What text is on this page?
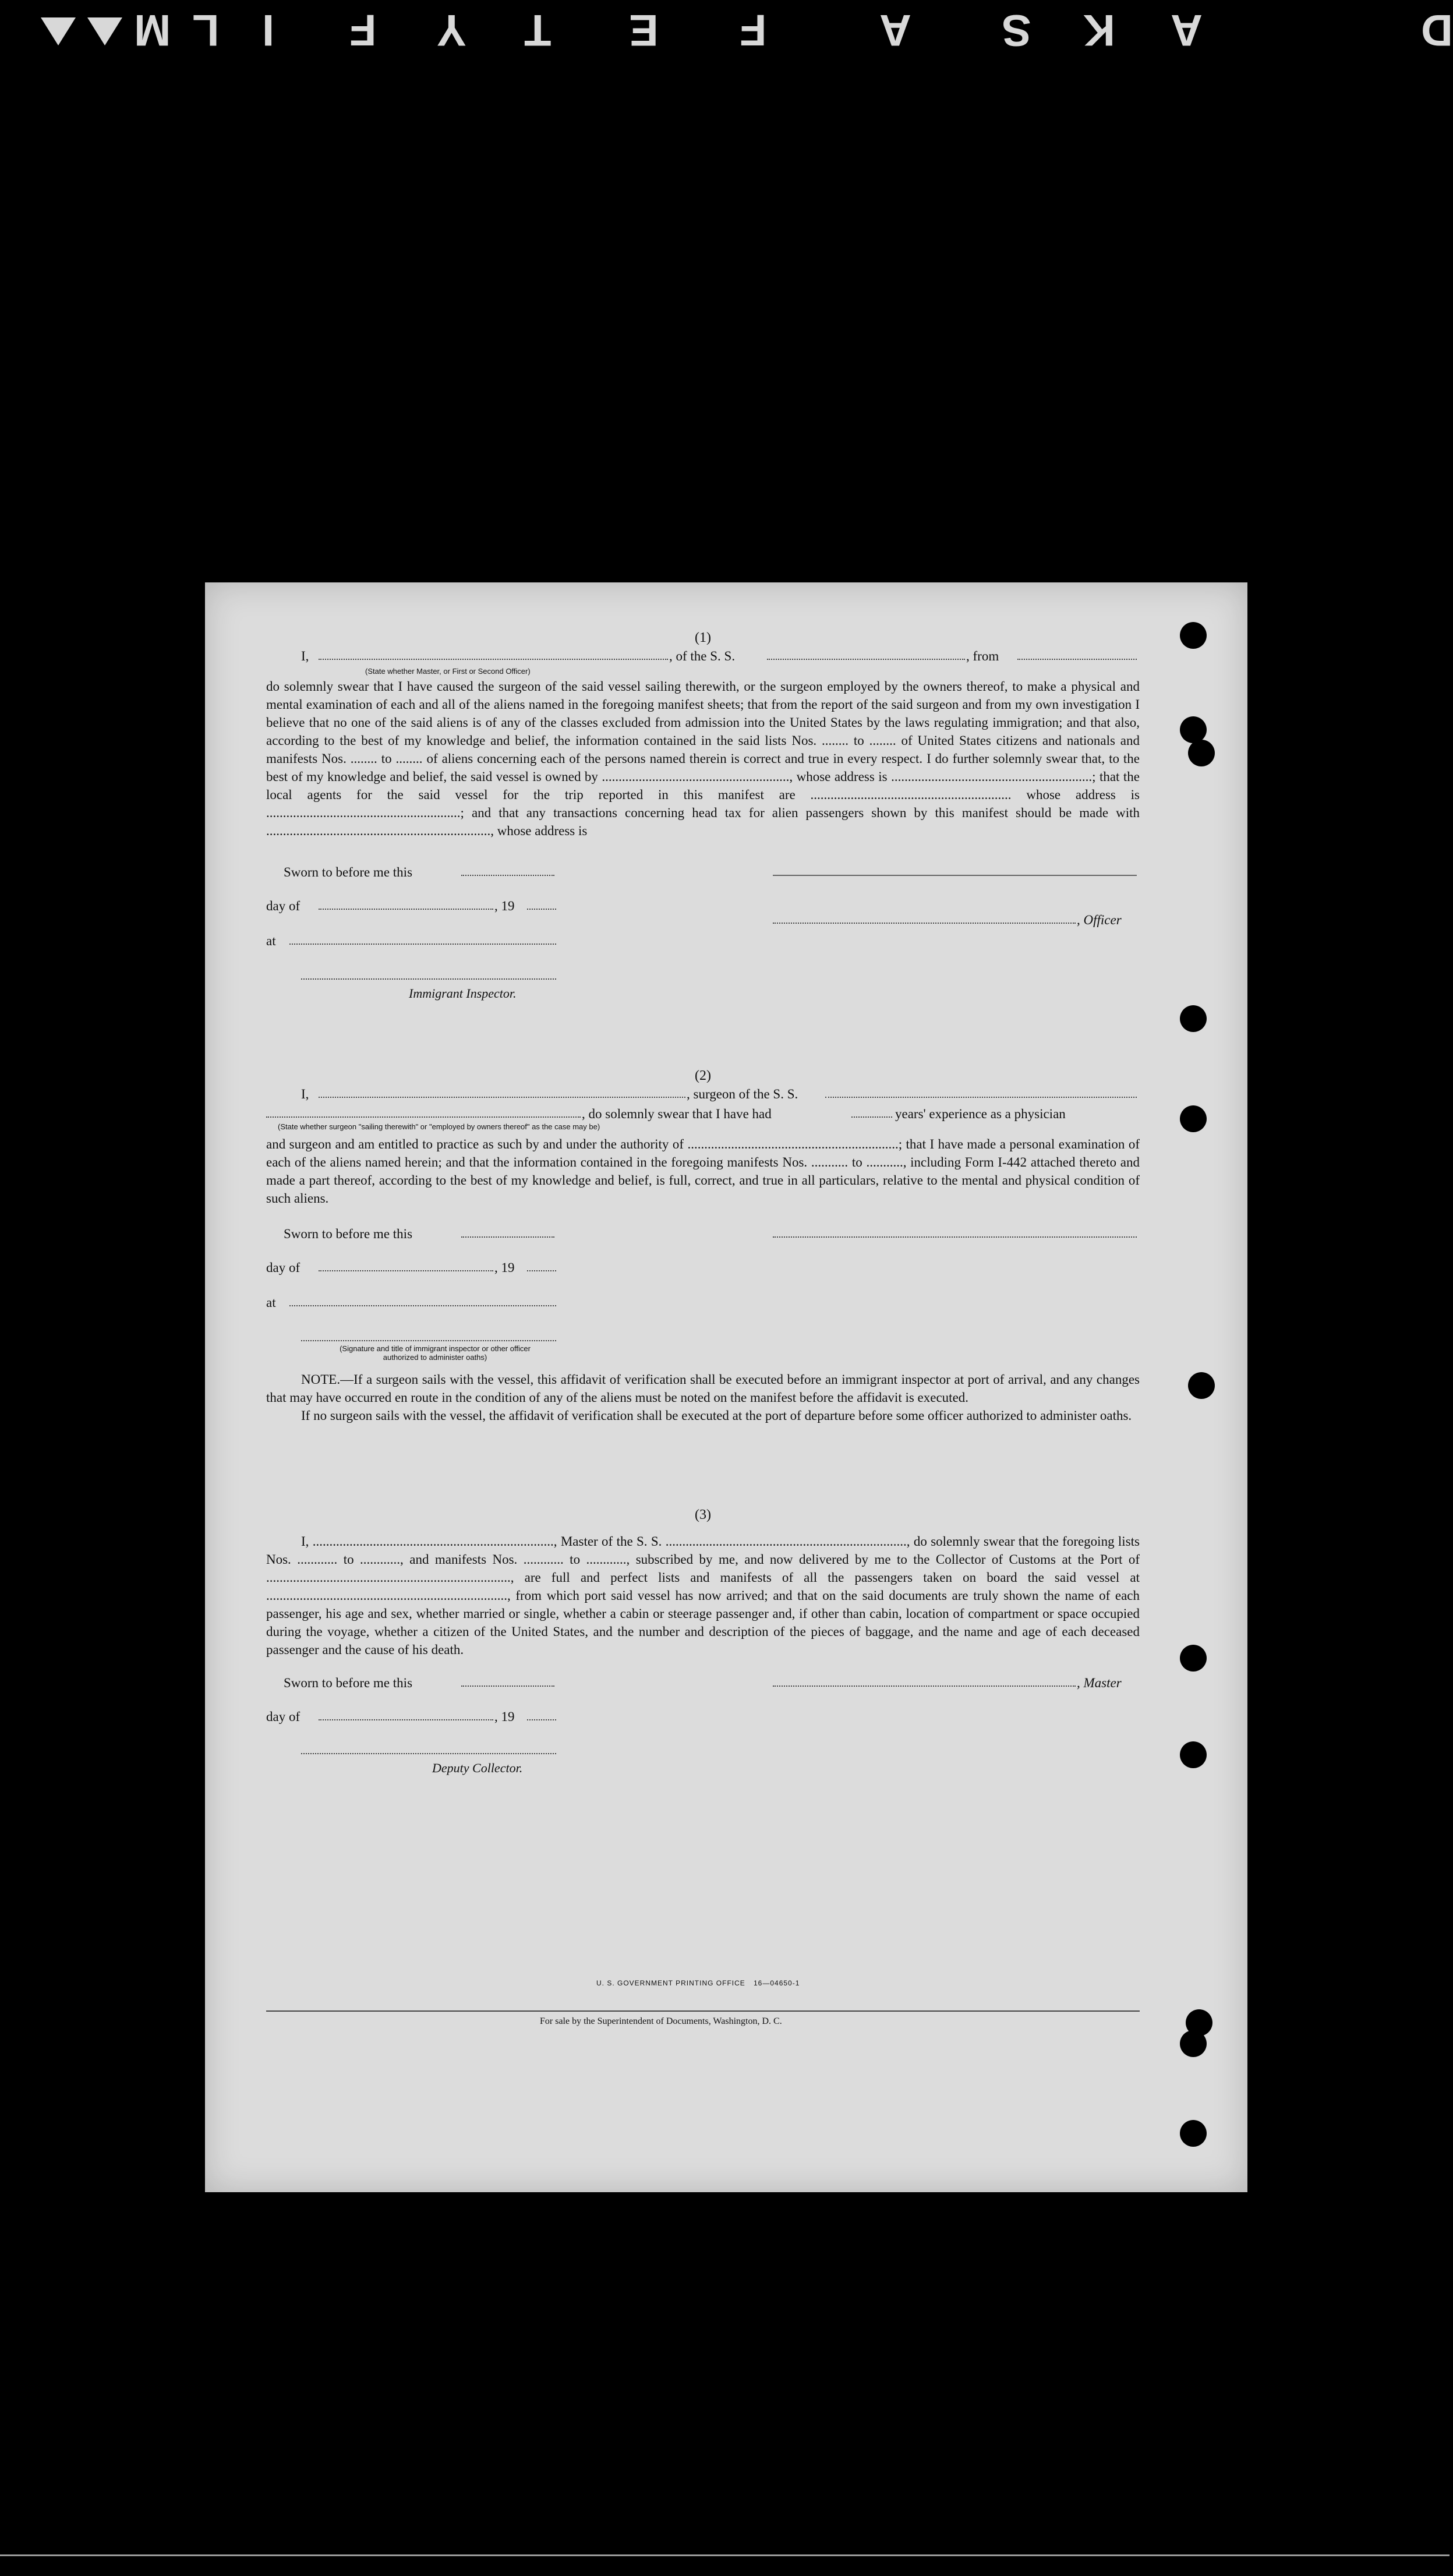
D
A
K
S
A
F
E
T
Y
F
I
L
M

(1)

I,	, of the S. S.	, from
(State whether Master, or First or Second Officer)

do solemnly swear that I have caused the surgeon of the said vessel sailing therewith, or the surgeon employed by the owners thereof, to make a physical and mental examination of each and all of the aliens named in the foregoing manifest sheets; that from the report of the said surgeon and from my own investigation I believe that no one of the said aliens is of any of the classes excluded from admission into the United States by the laws regulating immigration; and that also, according to the best of my knowledge and belief, the information contained in the said lists Nos. ........ to ........ of United States citizens and nationals and manifests Nos. ........ to ........ of aliens concerning each of the persons named therein is correct and true in every respect. I do further solemnly swear that, to the best of my knowledge and belief, the said vessel is owned by ........................................................, whose address is ............................................................; that the local agents for the said vessel for the trip reported in this manifest are ............................................................ whose address is ..........................................................; and that any transactions concerning head tax for alien passengers shown by this manifest should be made with ..................................................................., whose address is

Sworn to before me this
day of	, 19
, Officer
at
Immigrant Inspector.

(2)

I,	, surgeon of the S. S.
, do solemnly swear that I have had	years' experience as a physician
(State whether surgeon "sailing therewith" or "employed by owners thereof" as the case may be)

and surgeon and am entitled to practice as such by and under the authority of ...............................................................; that I have made a personal examination of each of the aliens named herein; and that the information contained in the foregoing manifests Nos. ........... to ..........., including Form I-442 attached thereto and made a part thereof, according to the best of my knowledge and belief, is full, correct, and true in all particulars, relative to the mental and physical condition of such aliens.

Sworn to before me this
day of	, 19
at
(Signature and title of immigrant inspector or other officer authorized to administer oaths)

NOTE.—If a surgeon sails with the vessel, this affidavit of verification shall be executed before an immigrant inspector at port of arrival, and any changes that may have occurred en route in the condition of any of the aliens must be noted on the manifest before the affidavit is executed.

If no surgeon sails with the vessel, the affidavit of verification shall be executed at the port of departure before some officer authorized to administer oaths.

(3)

I, ........................................................................, Master of the S. S. ........................................................................, do solemnly swear that the foregoing lists Nos. ............ to ............, and manifests Nos. ............ to ............, subscribed by me, and now delivered by me to the Collector of Customs at the Port of ........................................................................., are full and perfect lists and manifests of all the passengers taken on board the said vessel at ........................................................................, from which port said vessel has now arrived; and that on the said documents are truly shown the name of each passenger, his age and sex, whether married or single, whether a cabin or steerage passenger and, if other than cabin, location of compartment or space occupied during the voyage, whether a citizen of the United States, and the number and description of the pieces of baggage, and the name and age of each deceased passenger and the cause of his death.

Sworn to before me this	, Master
day of	, 19
Deputy Collector.
U. S. GOVERNMENT PRINTING OFFICE 16—04650-1
For sale by the Superintendent of Documents, Washington, D. C.
